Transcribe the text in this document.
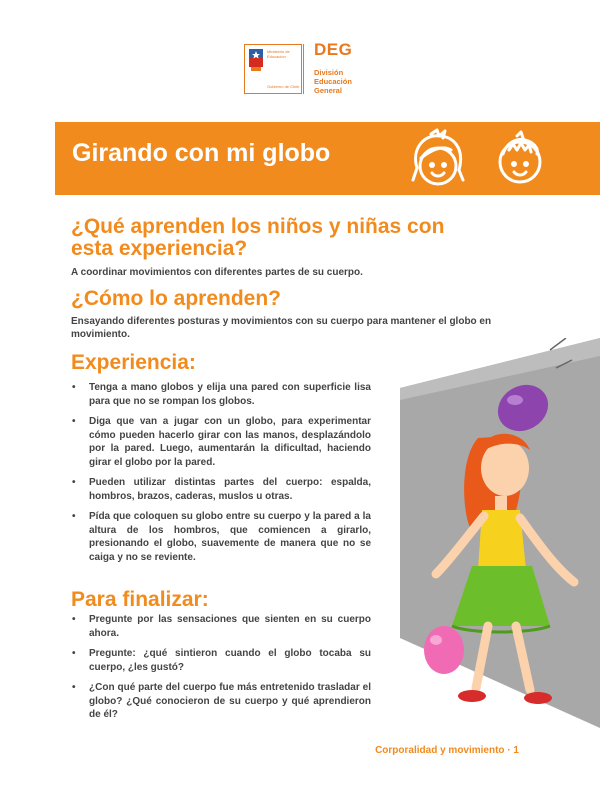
Ministerio de
Educación
Gobierno de Chile
DEG
División
Educación
General
Girando con mi globo
¿Qué aprenden los niños y niñas con esta experiencia?

A coordinar movimientos con diferentes partes de su cuerpo.

¿Cómo lo aprenden?

Ensayando diferentes posturas y movimientos con su cuerpo para mantener el globo en movimiento.

Experiencia:
• Tenga a mano globos y elija una pared con superficie lisa para que no se rompan los globos.
• Diga que van a jugar con un globo, para experimentar cómo pueden hacerlo girar con las manos, desplazándolo por la pared. Luego, aumentarán la dificultad, haciendo girar el globo por la pared.
• Pueden utilizar distintas partes del cuerpo: espalda, hombros, brazos, caderas, muslos u otras.
• Pída que coloquen su globo entre su cuerpo y la pared a la altura de los hombros, que comiencen a girarlo, presionando el globo, suavemente de manera que no se caiga y no se reviente.
Para finalizar:
• Pregunte por las sensaciones que sienten en su cuerpo ahora.
• Pregunte: ¿qué sintieron cuando el globo tocaba su cuerpo, ¿les gustó?
• ¿Con qué parte del cuerpo fue más entretenido trasladar el globo? ¿Qué conocieron de su cuerpo y qué aprendieron de él?
Corporalidad y movimiento · 1
